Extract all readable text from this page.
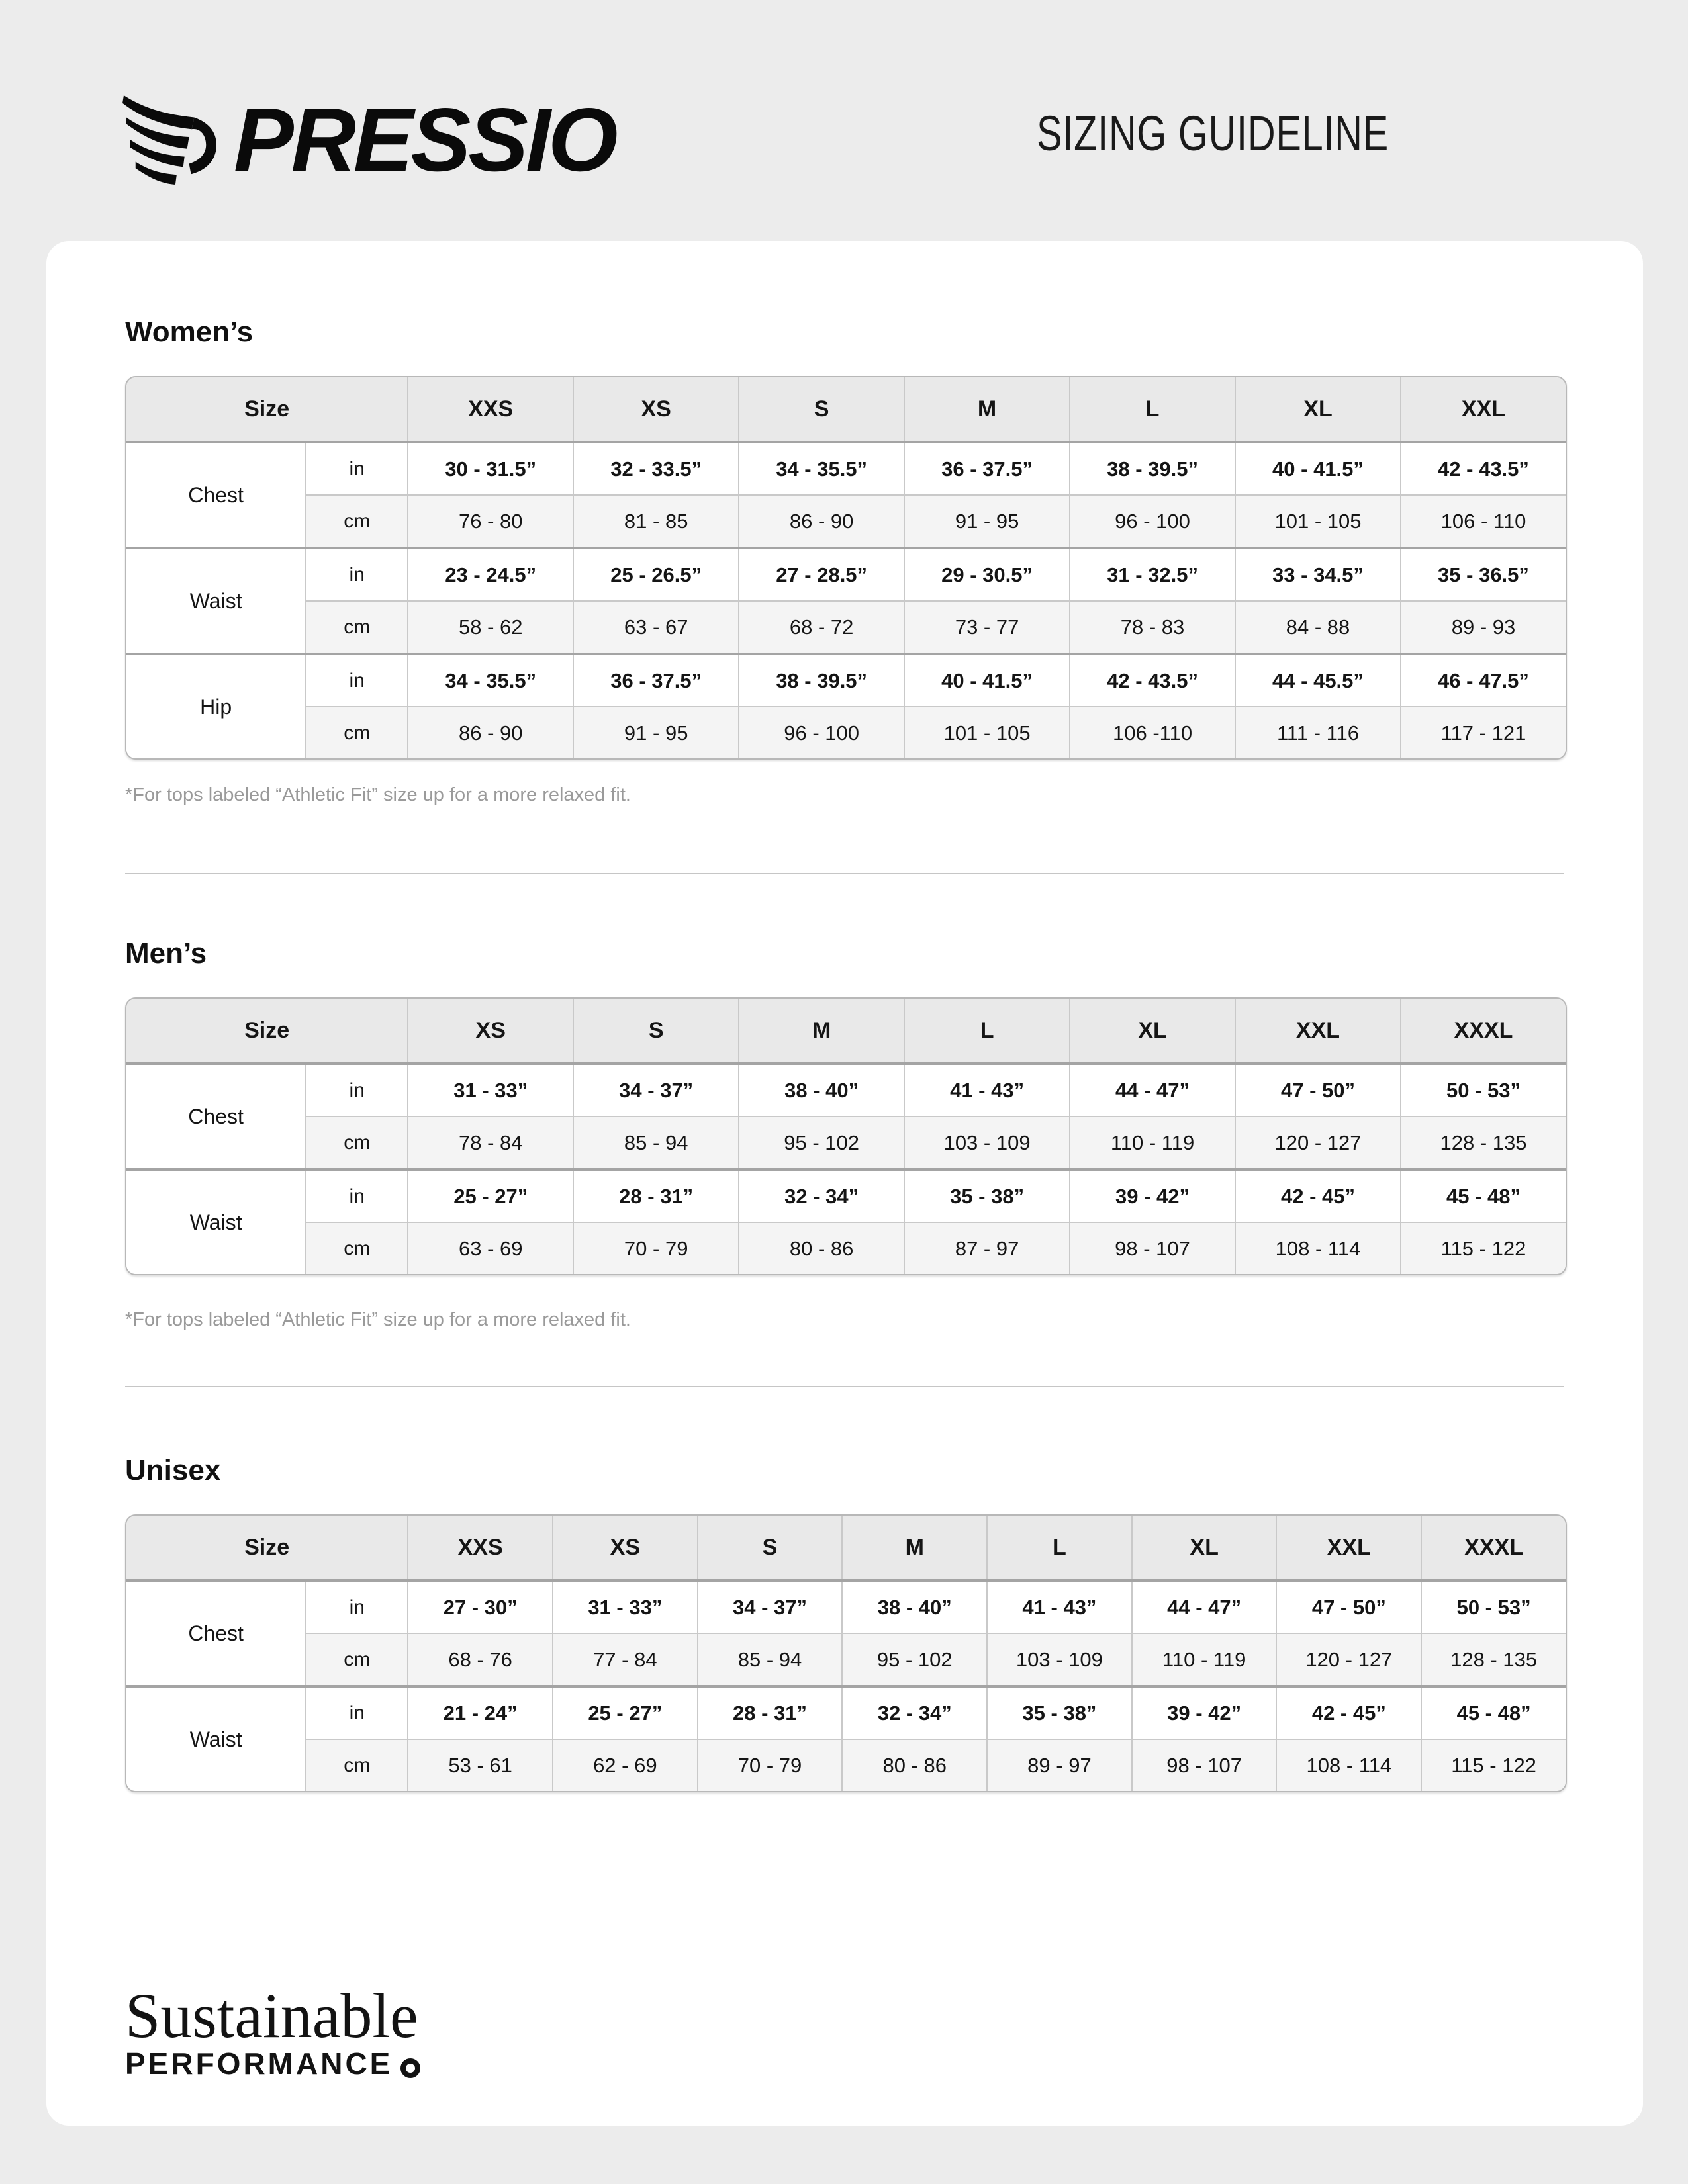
PRESSIO	SIZING GUIDELINE
Women’s
Size		XXS	XS	S	M	L	XL	XXL
Chest	in	30 - 31.5”	32 - 33.5”	34 - 35.5”	36 - 37.5”	38 - 39.5”	40 - 41.5”	42 - 43.5”
	cm	76 - 80	81 - 85	86 - 90	91 - 95	96 - 100	101 - 105	106 - 110
Waist	in	23 - 24.5”	25 - 26.5”	27 - 28.5”	29 - 30.5”	31 - 32.5”	33 - 34.5”	35 - 36.5”
	cm	58 - 62	63 - 67	68 - 72	73 - 77	78 - 83	84 - 88	89 - 93
Hip	in	34 - 35.5”	36 - 37.5”	38 - 39.5”	40 - 41.5”	42 - 43.5”	44 - 45.5”	46 - 47.5”
	cm	86 - 90	91 - 95	96 - 100	101 - 105	106 -110	111 - 116	117 - 121
*For tops labeled “Athletic Fit” size up for a more relaxed fit.
Men’s
Size		XS	S	M	L	XL	XXL	XXXL
Chest	in	31 - 33”	34 - 37”	38 - 40”	41 - 43”	44 - 47”	47 - 50”	50 - 53”
	cm	78 - 84	85 - 94	95 - 102	103 - 109	110 - 119	120 - 127	128 - 135
Waist	in	25 - 27”	28 - 31”	32 - 34”	35 - 38”	39 - 42”	42 - 45”	45 - 48”
	cm	63 - 69	70 - 79	80 - 86	87 - 97	98 - 107	108 - 114	115 - 122
*For tops labeled “Athletic Fit” size up for a more relaxed fit.
Unisex
Size		XXS	XS	S	M	L	XL	XXL	XXXL
Chest	in	27 - 30”	31 - 33”	34 - 37”	38 - 40”	41 - 43”	44 - 47”	47 - 50”	50 - 53”
	cm	68 - 76	77 - 84	85 - 94	95 - 102	103 - 109	110 - 119	120 - 127	128 - 135
Waist	in	21 - 24”	25 - 27”	28 - 31”	32 - 34”	35 - 38”	39 - 42”	42 - 45”	45 - 48”
	cm	53 - 61	62 - 69	70 - 79	80 - 86	89 - 97	98 - 107	108 - 114	115 - 122
Sustainable
PERFORMANCE
